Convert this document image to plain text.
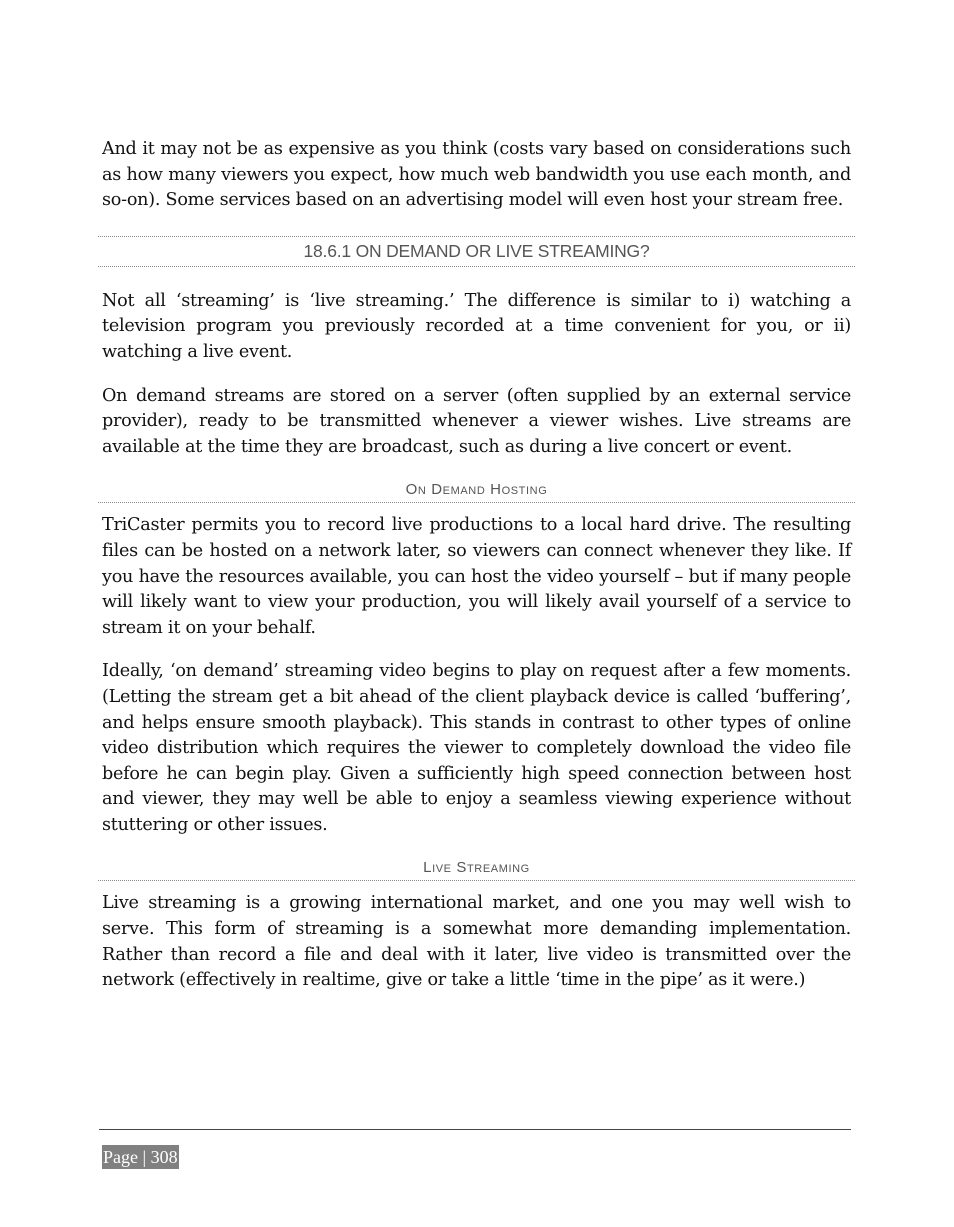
And it may not be as expensive as you think (costs vary based on considerations such as how many viewers you expect, how much web bandwidth you use each month, and so-on). Some services based on an advertising model will even host your stream free.

18.6.1 ON DEMAND OR LIVE STREAMING?

Not all ‘streaming’ is ‘live streaming.’ The difference is similar to i) watching a television program you previously recorded at a time convenient for you, or ii) watching a live event.

On demand streams are stored on a server (often supplied by an external service provider), ready to be transmitted whenever a viewer wishes. Live streams are available at the time they are broadcast, such as during a live concert or event.

On Demand Hosting

TriCaster permits you to record live productions to a local hard drive. The resulting files can be hosted on a network later, so viewers can connect whenever they like. If you have the resources available, you can host the video yourself – but if many people will likely want to view your production, you will likely avail yourself of a service to stream it on your behalf.

Ideally, ‘on demand’ streaming video begins to play on request after a few moments. (Letting the stream get a bit ahead of the client playback device is called ‘buffering’, and helps ensure smooth playback). This stands in contrast to other types of online video distribution which requires the viewer to completely download the video file before he can begin play. Given a sufficiently high speed connection between host and viewer, they may well be able to enjoy a seamless viewing experience without stuttering or other issues.

Live Streaming

Live streaming is a growing international market, and one you may well wish to serve. This form of streaming is a somewhat more demanding implementation. Rather than record a file and deal with it later, live video is transmitted over the network (effectively in realtime, give or take a little ‘time in the pipe’ as it were.)

Page | 308
